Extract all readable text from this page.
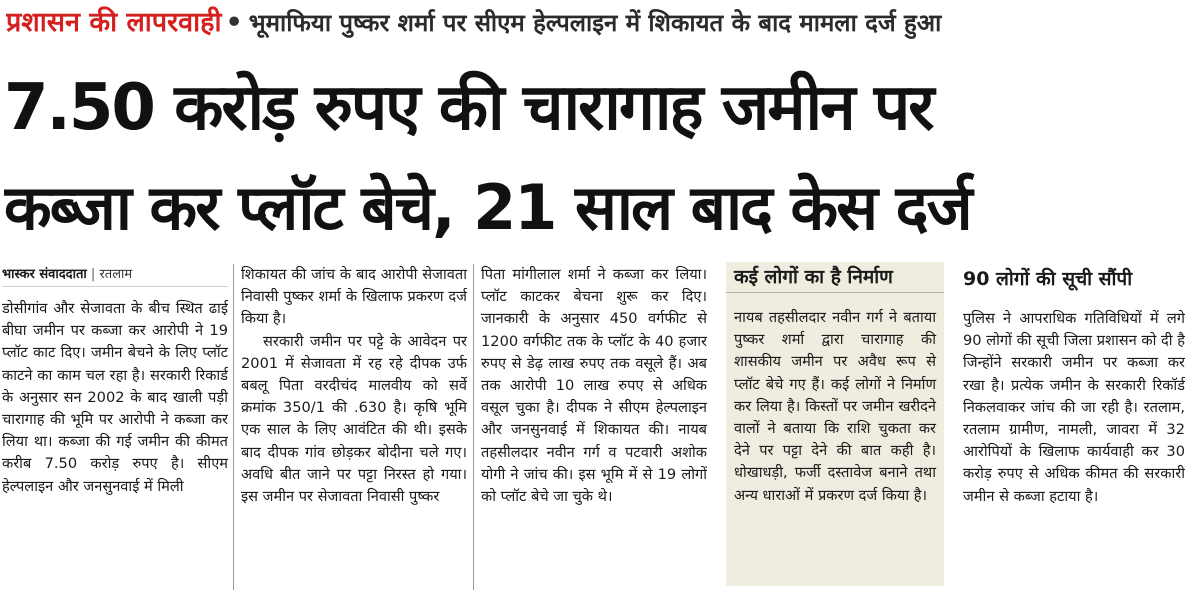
प्रशासन की लापरवाही • भूमाफिया पुष्कर शर्मा पर सीएम हेल्पलाइन में शिकायत के बाद मामला दर्ज हुआ
7.50 करोड़ रुपए की चारागाह जमीन पर
कब्जा कर प्लॉट बेचे, 21 साल बाद केस दर्ज
भास्कर संवाददाता | रतलाम

डोसीगांव और सेजावता के बीच स्थित ढाई बीघा जमीन पर कब्जा कर आरोपी ने 19 प्लॉट काट दिए। जमीन बेचने के लिए प्लॉट काटने का काम चल रहा है। सरकारी रिकार्ड के अनुसार सन 2002 के बाद खाली पड़ी चारागाह की भूमि पर आरोपी ने कब्जा कर लिया था। कब्जा की गई जमीन की कीमत करीब 7.50 करोड़ रुपए है। सीएम हेल्पलाइन और जनसुनवाई में मिली

शिकायत की जांच के बाद आरोपी सेजावता निवासी पुष्कर शर्मा के खिलाफ प्रकरण दर्ज किया है।

सरकारी जमीन पर पट्टे के आवेदन पर 2001 में सेजावता में रह रहे दीपक उर्फ बबलू पिता वरदीचंद मालवीय को सर्वे क्रमांक 350/1 की .630 है। कृषि भूमि एक साल के लिए आवंटित की थी। इसके बाद दीपक गांव छोड़कर बोदीना चले गए। अवधि बीत जाने पर पट्टा निरस्त हो गया। इस जमीन पर सेजावता निवासी पुष्कर

पिता मांगीलाल शर्मा ने कब्जा कर लिया। प्लॉट काटकर बेचना शुरू कर दिए। जानकारी के अनुसार 450 वर्गफीट से 1200 वर्गफीट तक के प्लॉट के 40 हजार रुपए से डेढ़ लाख रुपए तक वसूले हैं। अब तक आरोपी 10 लाख रुपए से अधिक वसूल चुका है। दीपक ने सीएम हेल्पलाइन और जनसुनवाई में शिकायत की। नायब तहसीलदार नवीन गर्ग व पटवारी अशोक योगी ने जांच की। इस भूमि में से 19 लोगों को प्लॉट बेचे जा चुके थे।

कई लोगों का है निर्माण

नायब तहसीलदार नवीन गर्ग ने बताया पुष्कर शर्मा द्वारा चारागाह की शासकीय जमीन पर अवैध रूप से प्लॉट बेचे गए हैं। कई लोगों ने निर्माण कर लिया है। किस्तों पर जमीन खरीदने वालों ने बताया कि राशि चुकता कर देने पर पट्टा देने की बात कही है। धोखाधड़ी, फर्जी दस्तावेज बनाने तथा अन्य धाराओं में प्रकरण दर्ज किया है।

90 लोगों की सूची सौंपी

पुलिस ने आपराधिक गतिविधियों में लगे 90 लोगों की सूची जिला प्रशासन को दी है जिन्होंने सरकारी जमीन पर कब्जा कर रखा है। प्रत्येक जमीन के सरकारी रिकॉर्ड निकलवाकर जांच की जा रही है। रतलाम, रतलाम ग्रामीण, नामली, जावरा में 32 आरोपियों के खिलाफ कार्यवाही कर 30 करोड़ रुपए से अधिक कीमत की सरकारी जमीन से कब्जा हटाया है।
